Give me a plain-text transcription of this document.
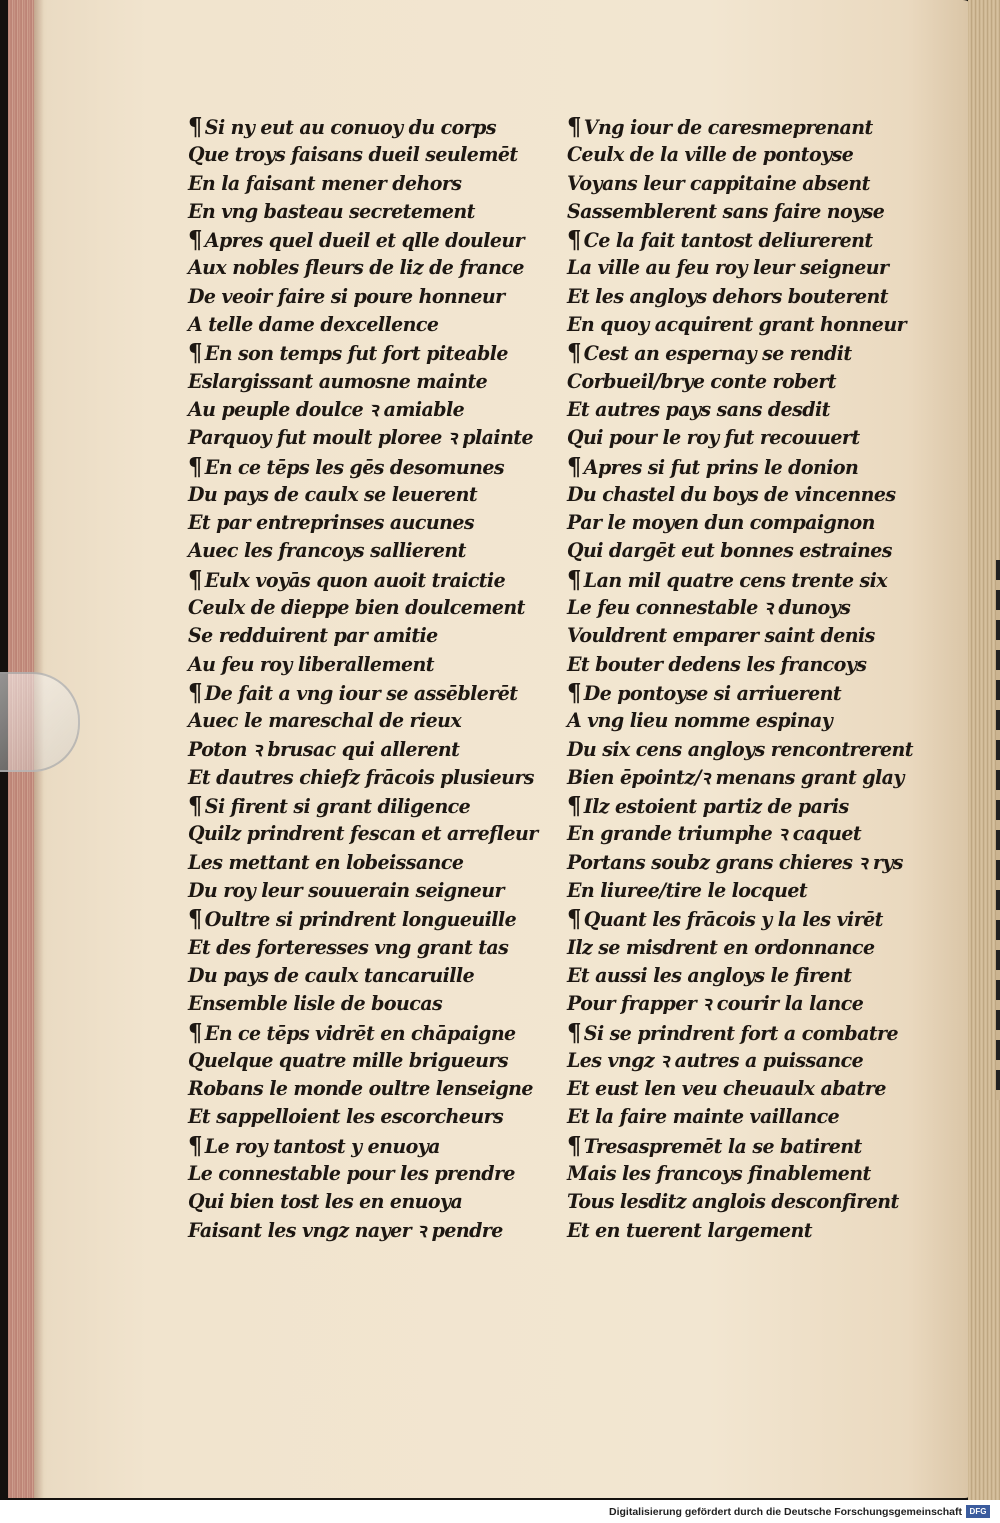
¶ Si ny eut au conuoy du corps
Que troys faisans dueil seulemēt
En la faisant mener dehors
En vng basteau secretement
¶ Apres quel dueil et qlle douleur
Aux nobles fleurs de liz de france
De veoir faire si poure honneur
A telle dame dexcellence
¶ En son temps fut fort piteable
Eslargissant aumosne mainte
Au peuple doulce ꝛ amiable
Parquoy fut moult ploree ꝛ plainte
¶ En ce tēps les gēs desomunes
Du pays de caulx se leuerent
Et par entreprinses aucunes
Auec les francoys sallierent
¶ Eulx voyās quon auoit traictie
Ceulx de dieppe bien doulcement
Se redduirent par amitie
Au feu roy liberallement
¶ De fait a vng iour se assēblerēt
Auec le mareschal de rieux
Poton ꝛ brusac qui allerent
Et dautres chiefz frācois plusieurs
¶ Si firent si grant diligence
Quilz prindrent fescan et arrefleur
Les mettant en lobeissance
Du roy leur souuerain seigneur
¶ Oultre si prindrent longueuille
Et des forteresses vng grant tas
Du pays de caulx tancaruille
Ensemble lisle de boucas
¶ En ce tēps vidrēt en chāpaigne
Quelque quatre mille brigueurs
Robans le monde oultre lenseigne
Et sappelloient les escorcheurs
¶ Le roy tantost y enuoya
Le connestable pour les prendre
Qui bien tost les en enuoya
Faisant les vngz nayer ꝛ pendre
¶ Vng iour de caresmeprenant
Ceulx de la ville de pontoyse
Voyans leur cappitaine absent
Sassemblerent sans faire noyse
¶ Ce la fait tantost deliurerent
La ville au feu roy leur seigneur
Et les angloys dehors bouterent
En quoy acquirent grant honneur
¶ Cest an espernay se rendit
Corbueil/brye conte robert
Et autres pays sans desdit
Qui pour le roy fut recouuert
¶ Apres si fut prins le donion
Du chastel du boys de vincennes
Par le moyen dun compaignon
Qui dargēt eut bonnes estraines
¶ Lan mil quatre cens trente six
Le feu connestable ꝛ dunoys
Vouldrent emparer saint denis
Et bouter dedens les francoys
¶ De pontoyse si arriuerent
A vng lieu nomme espinay
Du six cens angloys rencontrerent
Bien ēpointz/ꝛ menans grant glay
¶ Ilz estoient partiz de paris
En grande triumphe ꝛ caquet
Portans soubz grans chieres ꝛ rys
En liuree/tire le locquet
¶ Quant les frācois y la les virēt
Ilz se misdrent en ordonnance
Et aussi les angloys le firent
Pour frapper ꝛ courir la lance
¶ Si se prindrent fort a combatre
Les vngz ꝛ autres a puissance
Et eust len veu cheuaulx abatre
Et la faire mainte vaillance
¶ Tresaspremēt la se batirent
Mais les francoys finablement
Tous lesditz anglois desconfirent
Et en tuerent largement
Digitalisierung gefördert durch die Deutsche Forschungsgemeinschaft DFG
